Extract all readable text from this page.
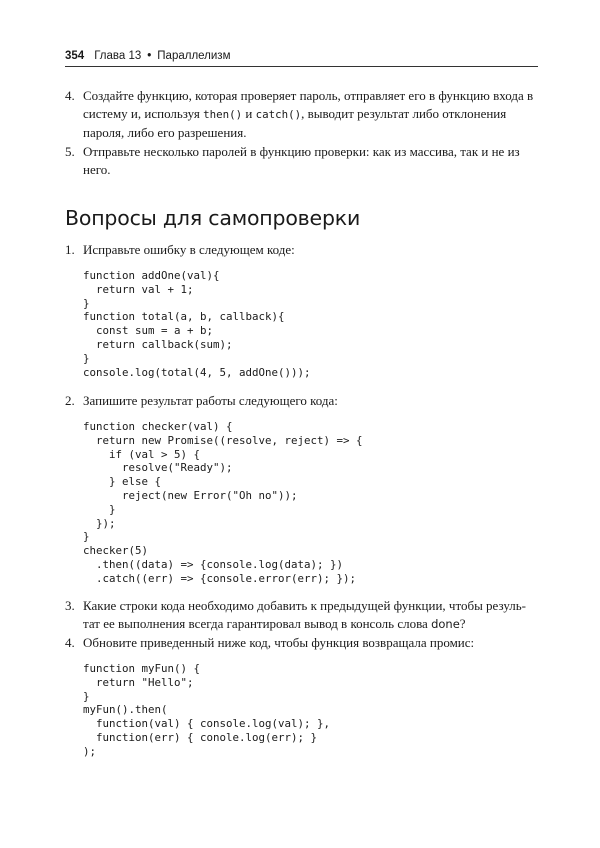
354 Глава 13 • Параллелизм
4. Создайте функцию, которая проверяет пароль, отправляет его в функцию входа в систему и, используя then() и catch(), выводит результат либо отклонения пароля, либо его разрешения.
5. Отправьте несколько паролей в функцию проверки: как из массива, так и не из него.
Вопросы для самопроверки
1. Исправьте ошибку в следующем коде:
function addOne(val){
return val + 1;
}
function total(a, b, callback){
const sum = a + b;
return callback(sum);
}
console.log(total(4, 5, addOne()));
2. Запишите результат работы следующего кода:
function checker(val) {
return new Promise((resolve, reject) => {
if (val > 5) {
resolve("Ready");
} else {
reject(new Error("Oh no"));
}
});
}
checker(5)
.then((data) => {console.log(data); })
.catch((err) => {console.error(err); });
3. Какие строки кода необходимо добавить к предыдущей функции, чтобы резуль-тат ее выполнения всегда гарантировал вывод в консоль слова done?
4. Обновите приведенный ниже код, чтобы функция возвращала промис:
function myFun() {
return "Hello";
}
myFun().then(
function(val) { console.log(val); },
function(err) { conole.log(err); }
);
